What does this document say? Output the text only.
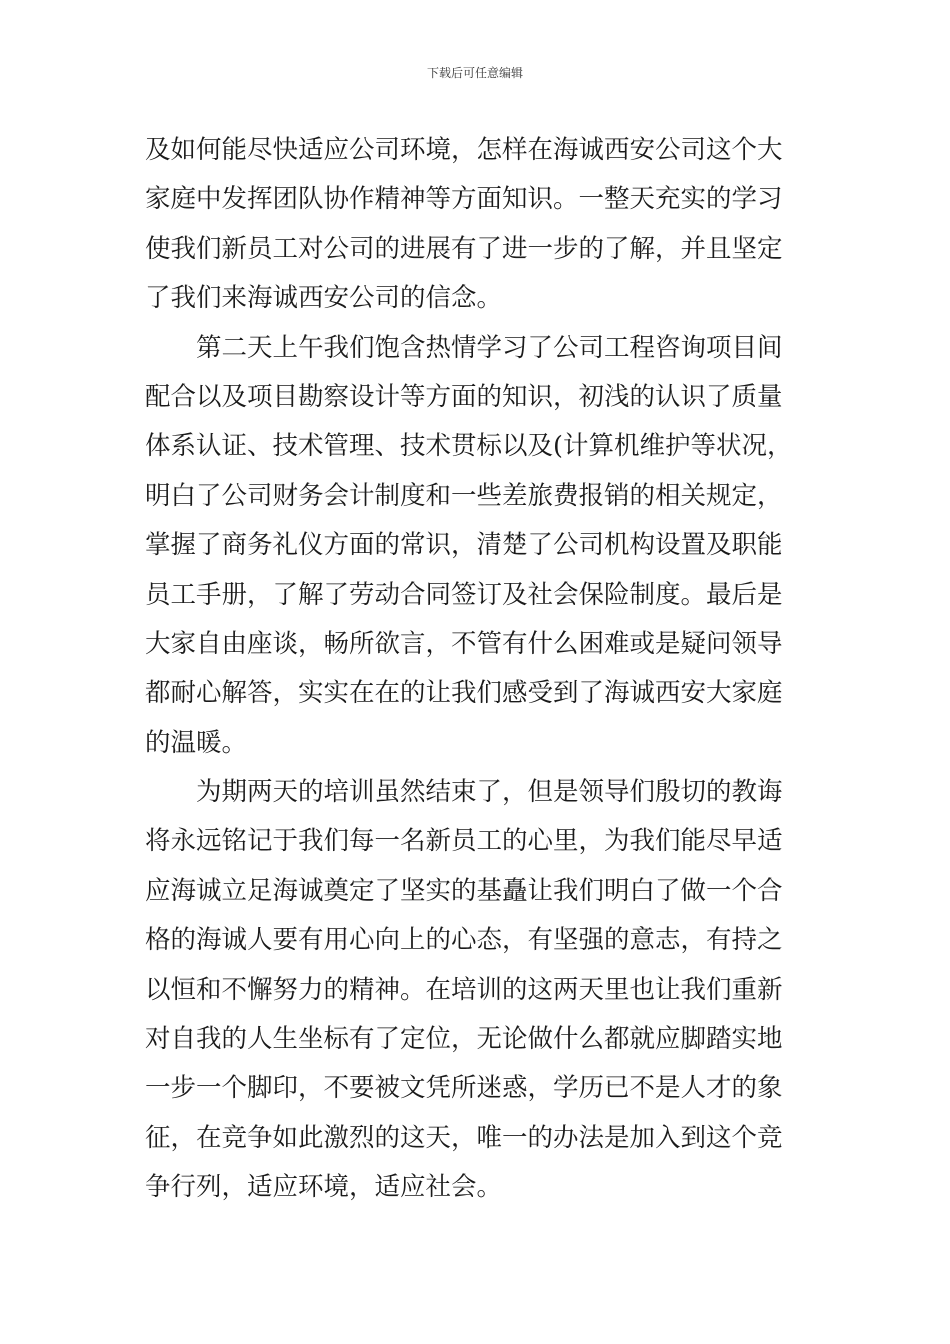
下载后可任意编辑
及如何能尽快适应公司环境，怎样在海诚西安公司这个大
家庭中发挥团队协作精神等方面知识。一整天充实的学习
使我们新员工对公司的进展有了进一步的了解，并且坚定
了我们来海诚西安公司的信念。
第二天上午我们饱含热情学习了公司工程咨询项目间
配合以及项目勘察设计等方面的知识，初浅的认识了质量
体系认证、技术管理、技术贯标以及(计算机维护等状况，
明白了公司财务会计制度和一些差旅费报销的相关规定，
掌握了商务礼仪方面的常识，清楚了公司机构设置及职能
员工手册，了解了劳动合同签订及社会保险制度。最后是
大家自由座谈，畅所欲言，不管有什么困难或是疑问领导
都耐心解答，实实在在的让我们感受到了海诚西安大家庭
的温暖。
为期两天的培训虽然结束了，但是领导们殷切的教诲
将永远铭记于我们每一名新员工的心里，为我们能尽早适
应海诚立足海诚奠定了坚实的基矗让我们明白了做一个合
格的海诚人要有用心向上的心态，有坚强的意志，有持之
以恒和不懈努力的精神。在培训的这两天里也让我们重新
对自我的人生坐标有了定位，无论做什么都就应脚踏实地
一步一个脚印，不要被文凭所迷惑，学历已不是人才的象
征，在竞争如此激烈的这天，唯一的办法是加入到这个竞
争行列，适应环境，适应社会。
